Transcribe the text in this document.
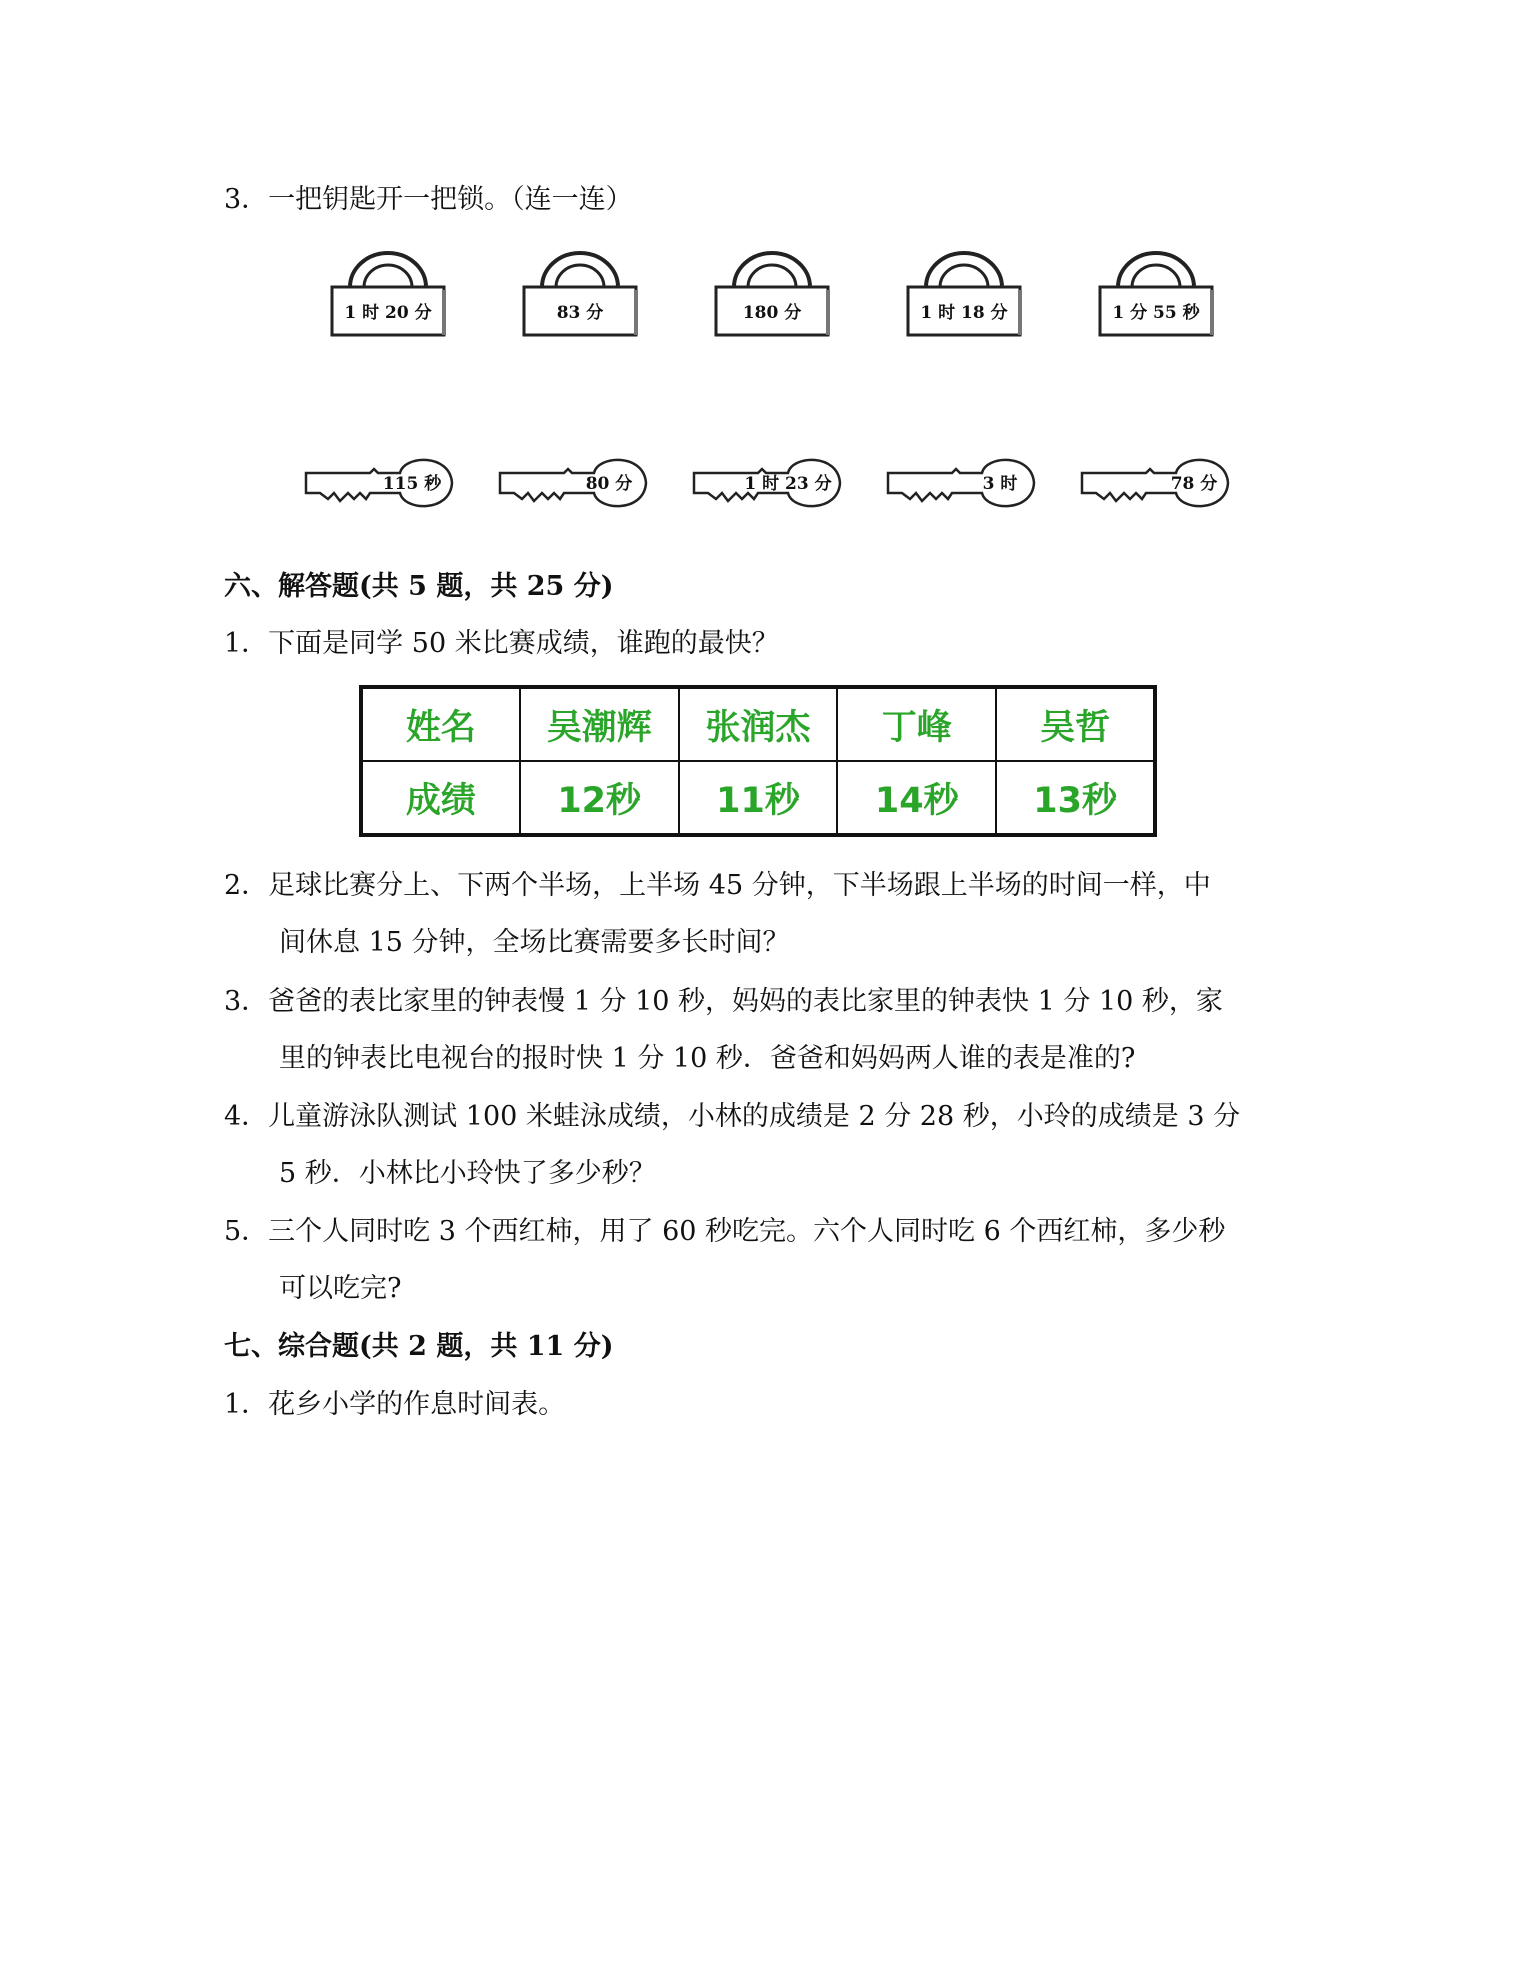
3．一把钥匙开一把锁。（连一连）
1 时 20 分	83 分	180 分	1 时 18 分	1 分 55 秒
115 秒	80 分	1 时 23 分	3 时	78 分
六、解答题(共 5 题，共 25 分)
1．下面是同学 50 米比赛成绩，谁跑的最快？
姓名	吴潮辉	张润杰	丁峰	吴哲
成绩	12秒	11秒	14秒	13秒
2．足球比赛分上、下两个半场，上半场 45 分钟，下半场跟上半场的时间一样，中
间休息 15 分钟，全场比赛需要多长时间？
3．爸爸的表比家里的钟表慢 1 分 10 秒，妈妈的表比家里的钟表快 1 分 10 秒，家
里的钟表比电视台的报时快 1 分 10 秒．爸爸和妈妈两人谁的表是准的?
4．儿童游泳队测试 100 米蛙泳成绩，小林的成绩是 2 分 28 秒，小玲的成绩是 3 分
5 秒．小林比小玲快了多少秒？
5．三个人同时吃 3 个西红柿，用了 60 秒吃完。六个人同时吃 6 个西红柿，多少秒
可以吃完?
七、综合题(共 2 题，共 11 分)
1．花乡小学的作息时间表。
